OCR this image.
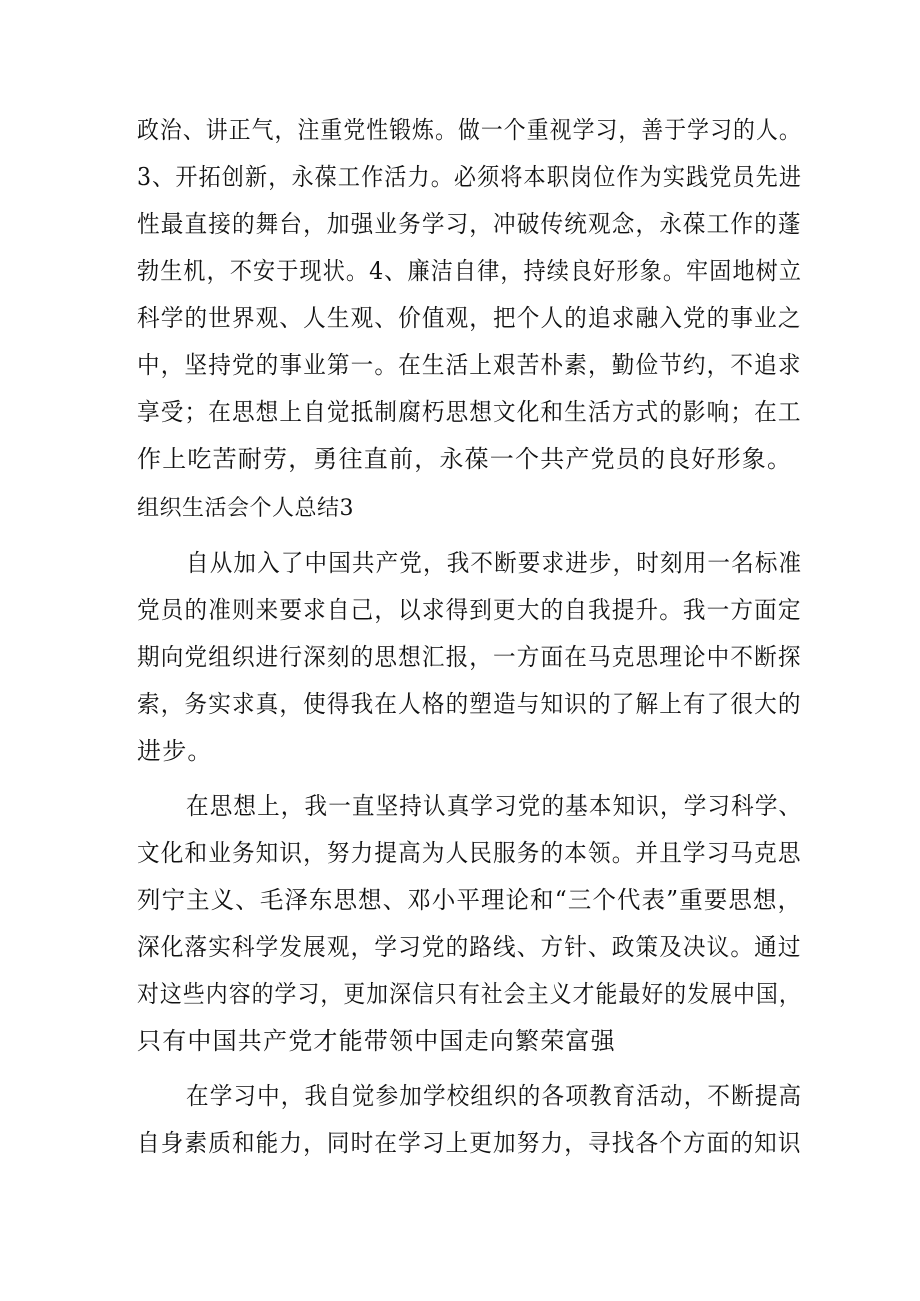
政治、讲正气，注重党性锻炼。做一个重视学习，善于学习的人。
3、开拓创新，永葆工作活力。必须将本职岗位作为实践党员先进
性最直接的舞台，加强业务学习，冲破传统观念，永葆工作的蓬
勃生机，不安于现状。4、廉洁自律，持续良好形象。牢固地树立
科学的世界观、人生观、价值观，把个人的追求融入党的事业之
中，坚持党的事业第一。在生活上艰苦朴素，勤俭节约，不追求
享受；在思想上自觉抵制腐朽思想文化和生活方式的影响；在工
作上吃苦耐劳，勇往直前，永葆一个共产党员的良好形象。
组织生活会个人总结3
自从加入了中国共产党，我不断要求进步，时刻用一名标准
党员的准则来要求自己，以求得到更大的自我提升。我一方面定
期向党组织进行深刻的思想汇报，一方面在马克思理论中不断探
索，务实求真，使得我在人格的塑造与知识的了解上有了很大的
进步。
在思想上，我一直坚持认真学习党的基本知识，学习科学、
文化和业务知识，努力提高为人民服务的本领。并且学习马克思
列宁主义、毛泽东思想、邓小平理论和“三个代表”重要思想，
深化落实科学发展观，学习党的路线、方针、政策及决议。通过
对这些内容的学习，更加深信只有社会主义才能最好的发展中国，
只有中国共产党才能带领中国走向繁荣富强
在学习中，我自觉参加学校组织的各项教育活动，不断提高
自身素质和能力，同时在学习上更加努力，寻找各个方面的知识
